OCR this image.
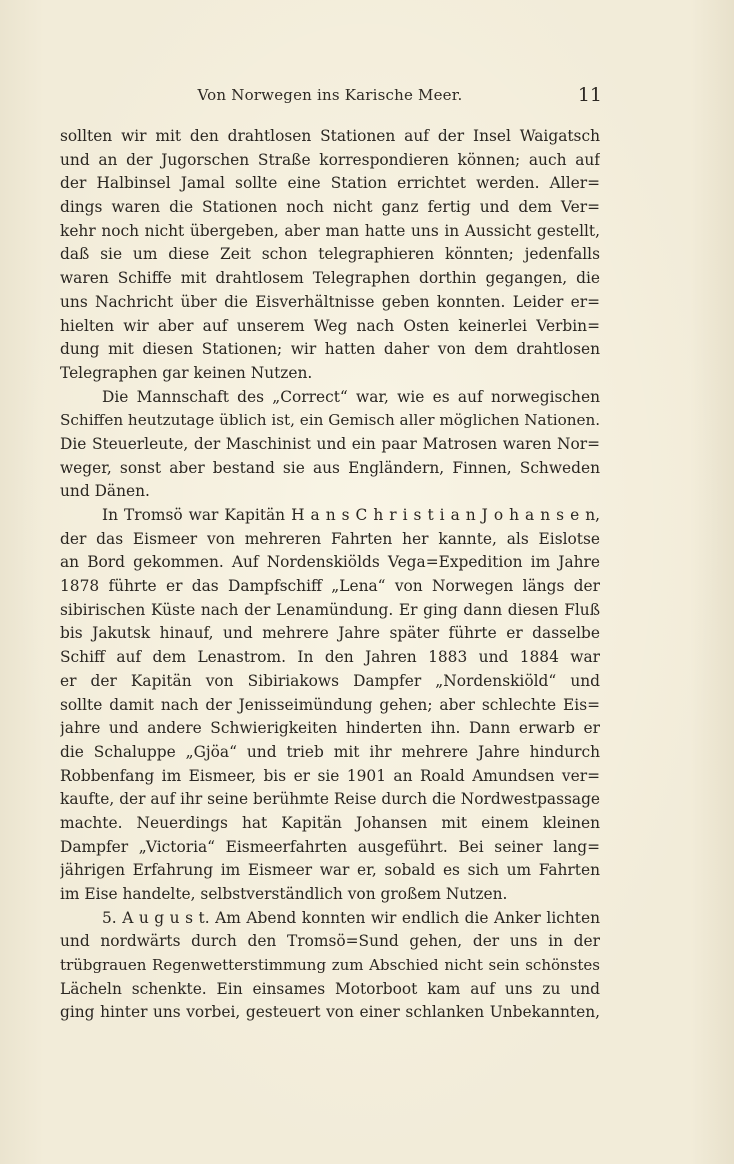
Von Norwegen ins Karische Meer.	11
sollten wir mit den drahtlosen Stationen auf der Insel Waigatsch
und an der Jugorschen Straße korrespondieren können; auch auf
der Halbinsel Jamal sollte eine Station errichtet werden. Aller=
dings waren die Stationen noch nicht ganz fertig und dem Ver=
kehr noch nicht übergeben, aber man hatte uns in Aussicht gestellt,
daß sie um diese Zeit schon telegraphieren könnten; jedenfalls
waren Schiffe mit drahtlosem Telegraphen dorthin gegangen, die
uns Nachricht über die Eisverhältnisse geben konnten. Leider er=
hielten wir aber auf unserem Weg nach Osten keinerlei Verbin=
dung mit diesen Stationen; wir hatten daher von dem drahtlosen
Telegraphen gar keinen Nutzen.
Die Mannschaft des „Correct“ war, wie es auf norwegischen
Schiffen heutzutage üblich ist, ein Gemisch aller möglichen Nationen.
Die Steuerleute, der Maschinist und ein paar Matrosen waren Nor=
weger, sonst aber bestand sie aus Engländern, Finnen, Schweden
und Dänen.
In Tromsö war Kapitän H a n s C h r i s t i a n J o h a n s e n,
der das Eismeer von mehreren Fahrten her kannte, als Eislotse
an Bord gekommen. Auf Nordenskiölds Vega=Expedition im Jahre
1878 führte er das Dampfschiff „Lena“ von Norwegen längs der
sibirischen Küste nach der Lenamündung. Er ging dann diesen Fluß
bis Jakutsk hinauf, und mehrere Jahre später führte er dasselbe
Schiff auf dem Lenastrom. In den Jahren 1883 und 1884 war
er der Kapitän von Sibiriakows Dampfer „Nordenskiöld“ und
sollte damit nach der Jenisseimündung gehen; aber schlechte Eis=
jahre und andere Schwierigkeiten hinderten ihn. Dann erwarb er
die Schaluppe „Gjöa“ und trieb mit ihr mehrere Jahre hindurch
Robbenfang im Eismeer, bis er sie 1901 an Roald Amundsen ver=
kaufte, der auf ihr seine berühmte Reise durch die Nordwestpassage
machte. Neuerdings hat Kapitän Johansen mit einem kleinen
Dampfer „Victoria“ Eismeerfahrten ausgeführt. Bei seiner lang=
jährigen Erfahrung im Eismeer war er, sobald es sich um Fahrten
im Eise handelte, selbstverständlich von großem Nutzen.
5. A u g u s t. Am Abend konnten wir endlich die Anker lichten
und nordwärts durch den Tromsö=Sund gehen, der uns in der
trübgrauen Regenwetterstimmung zum Abschied nicht sein schönstes
Lächeln schenkte. Ein einsames Motorboot kam auf uns zu und
ging hinter uns vorbei, gesteuert von einer schlanken Unbekannten,
